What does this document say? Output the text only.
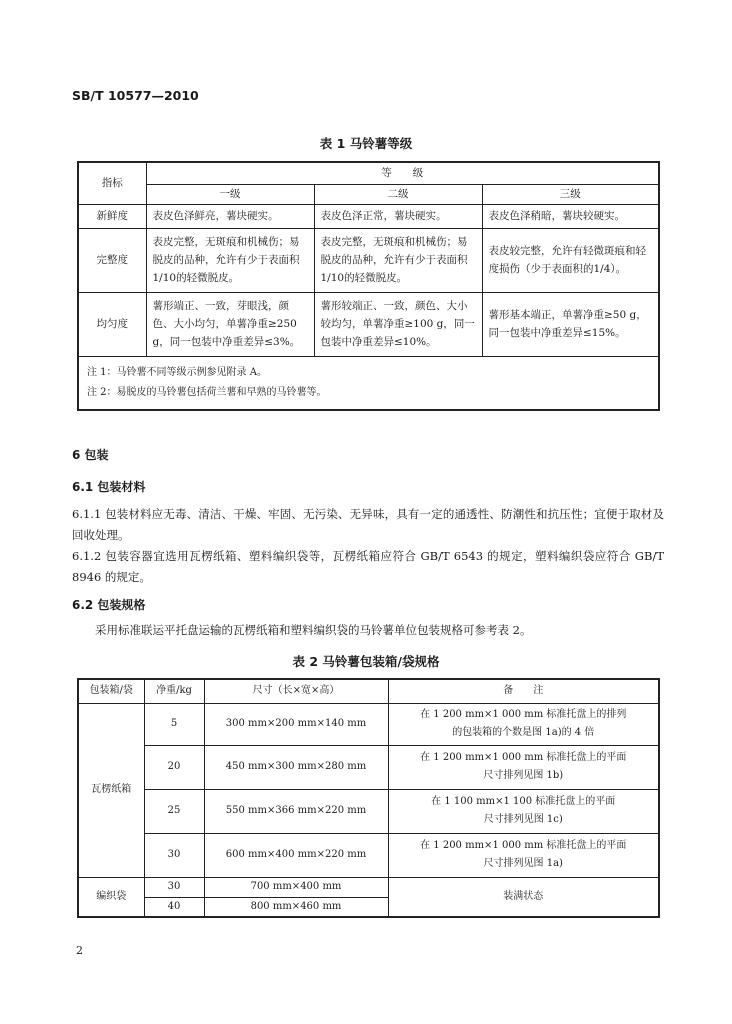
SB/T 10577—2010
表 1 马铃薯等级
指标	等　　级		
	一级	二级	三级
新鲜度	表皮色泽鲜亮，薯块硬实。	表皮色泽正常，薯块硬实。	表皮色泽稍暗，薯块较硬实。
完整度	表皮完整，无斑痕和机械伤；易脱皮的品种，允许有少于表面积1/10的轻微脱皮。	表皮完整，无斑痕和机械伤；易脱皮的品种，允许有少于表面积1/10的轻微脱皮。	表皮较完整，允许有轻微斑痕和轻度损伤（少于表面积的1/4）。
均匀度	薯形端正、一致，芽眼浅，颜色、大小均匀，单薯净重≥250 g，同一包装中净重差异≤3%。	薯形较端正、一致，颜色、大小较均匀，单薯净重≥100 g，同一包装中净重差异≤10%。	薯形基本端正，单薯净重≥50 g，同一包装中净重差异≤15%。

注 1：马铃薯不同等级示例参见附录 A。
注 2：易脱皮的马铃薯包括荷兰薯和早熟的马铃薯等。			
6 包装
6.1 包装材料
6.1.1 包装材料应无毒、清洁、干燥、牢固、无污染、无异味，具有一定的通透性、防潮性和抗压性；宜便于取材及回收处理。
6.1.2 包装容器宜选用瓦楞纸箱、塑料编织袋等，瓦楞纸箱应符合 GB/T 6543 的规定，塑料编织袋应符合 GB/T 8946 的规定。
6.2 包装规格
采用标准联运平托盘运输的瓦楞纸箱和塑料编织袋的马铃薯单位包装规格可参考表 2。
表 2 马铃薯包装箱/袋规格
包装箱/袋	净重/kg	尺寸（长×宽×高）	备　　注
瓦楞纸箱	5	300 mm×200 mm×140 mm	在 1 200 mm×1 000 mm 标准托盘上的排列
的包装箱的个数是图 1a)的 4 倍

	20	450 mm×300 mm×280 mm	在 1 200 mm×1 000 mm 标准托盘上的平面
尺寸排列见图 1b)

	25	550 mm×366 mm×220 mm	在 1 100 mm×1 100 标准托盘上的平面
尺寸排列见图 1c)

	30	600 mm×400 mm×220 mm	在 1 200 mm×1 000 mm 标准托盘上的平面
尺寸排列见图 1a)

编织袋	30	700 mm×400 mm	装满状态
	40	800 mm×460 mm	
2
